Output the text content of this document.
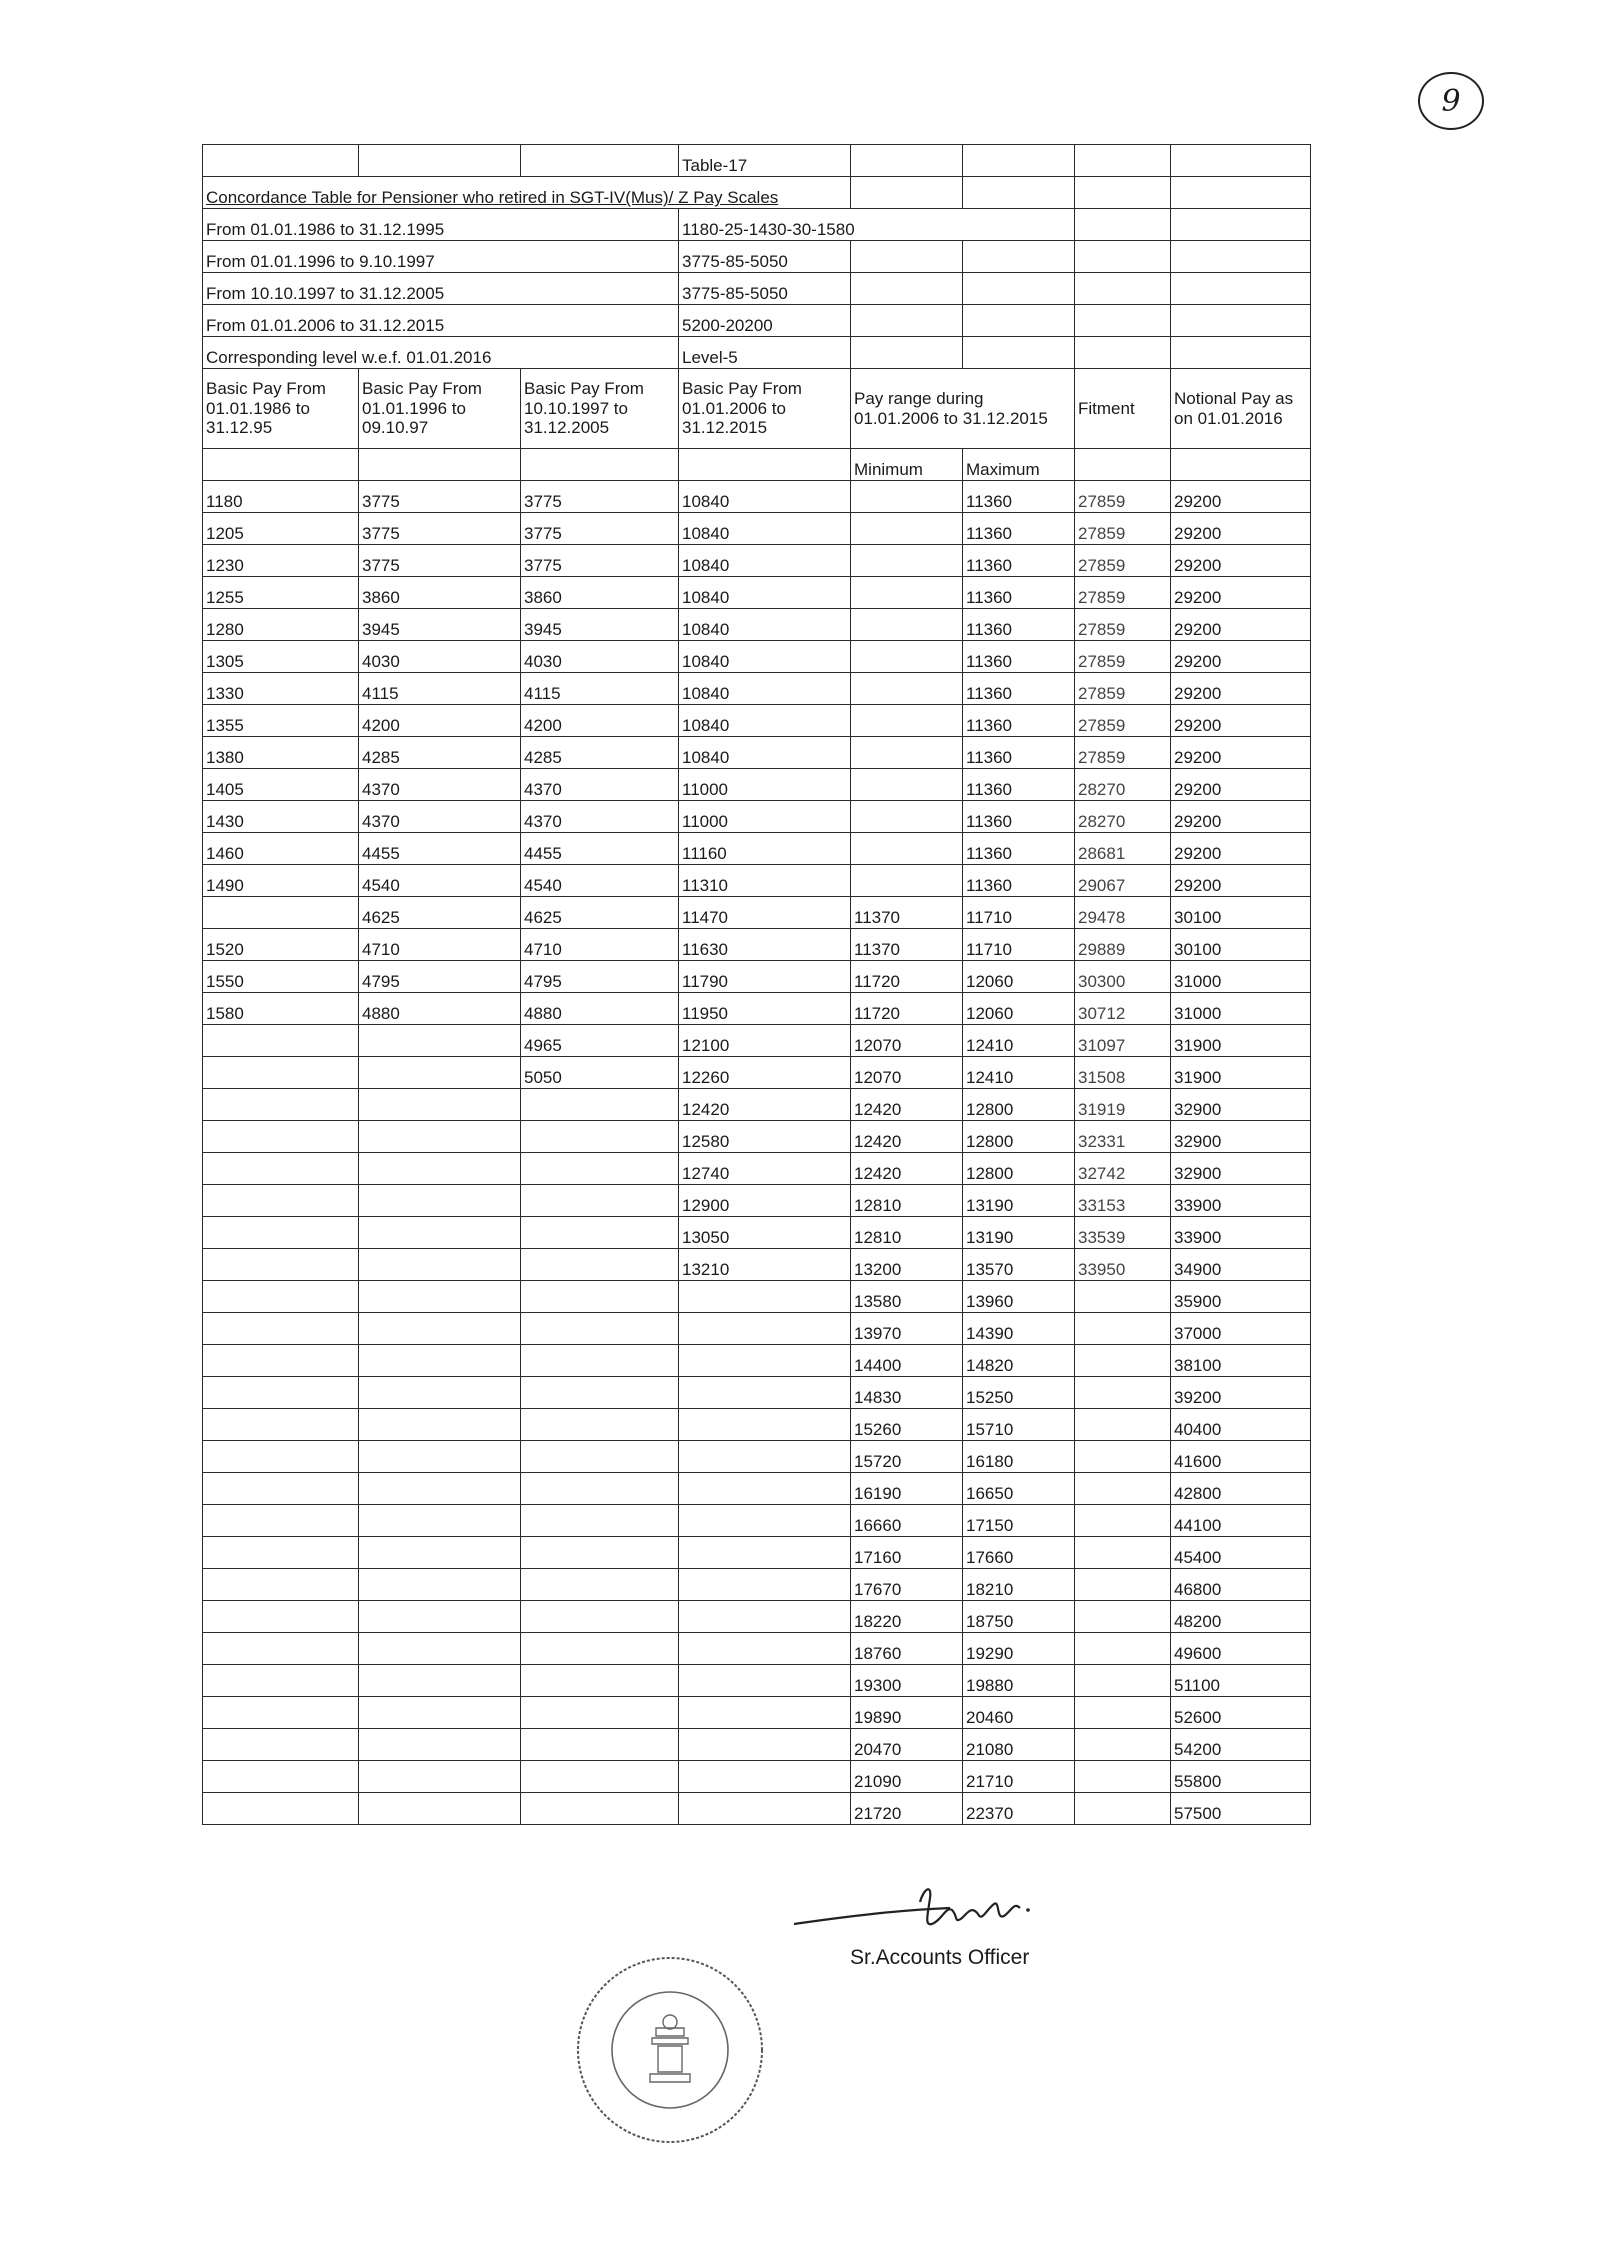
9
			Table-17				
Concordance Table for Pensioner who retired in SGT-IV(Mus)/ Z Pay Scales							
From 01.01.1986 to 31.12.1995			1180-25-1430-30-1580				
From 01.01.1996 to 9.10.1997			3775-85-5050				
From 10.10.1997 to 31.12.2005			3775-85-5050				
From 01.01.2006 to 31.12.2015			5200-20200				
Corresponding level w.e.f. 01.01.2016			Level-5				
Basic Pay From 01.01.1986 to 31.12.95	Basic Pay From 01.01.1996 to 09.10.97	Basic Pay From 10.10.1997 to 31.12.2005	Basic Pay From 01.01.2006 to 31.12.2015	Pay range during 01.01.2006 to 31.12.2015		Fitment	Notional Pay as on 01.01.2016
				Minimum	Maximum		
1180	3775	3775	10840		11360	27859	29200
1205	3775	3775	10840		11360	27859	29200
1230	3775	3775	10840		11360	27859	29200
1255	3860	3860	10840		11360	27859	29200
1280	3945	3945	10840		11360	27859	29200
1305	4030	4030	10840		11360	27859	29200
1330	4115	4115	10840		11360	27859	29200
1355	4200	4200	10840		11360	27859	29200
1380	4285	4285	10840		11360	27859	29200
1405	4370	4370	11000		11360	28270	29200
1430	4370	4370	11000		11360	28270	29200
1460	4455	4455	11160		11360	28681	29200
1490	4540	4540	11310		11360	29067	29200
	4625	4625	11470	11370	11710	29478	30100
1520	4710	4710	11630	11370	11710	29889	30100
1550	4795	4795	11790	11720	12060	30300	31000
1580	4880	4880	11950	11720	12060	30712	31000
		4965	12100	12070	12410	31097	31900
		5050	12260	12070	12410	31508	31900
			12420	12420	12800	31919	32900
			12580	12420	12800	32331	32900
			12740	12420	12800	32742	32900
			12900	12810	13190	33153	33900
			13050	12810	13190	33539	33900
			13210	13200	13570	33950	34900
				13580	13960		35900
				13970	14390		37000
				14400	14820		38100
				14830	15250		39200
				15260	15710		40400
				15720	16180		41600
				16190	16650		42800
				16660	17150		44100
				17160	17660		45400
				17670	18210		46800
				18220	18750		48200
				18760	19290		49600
				19300	19880		51100
				19890	20460		52600
				20470	21080		54200
				21090	21710		55800
				21720	22370		57500
Sr.Accounts Officer
